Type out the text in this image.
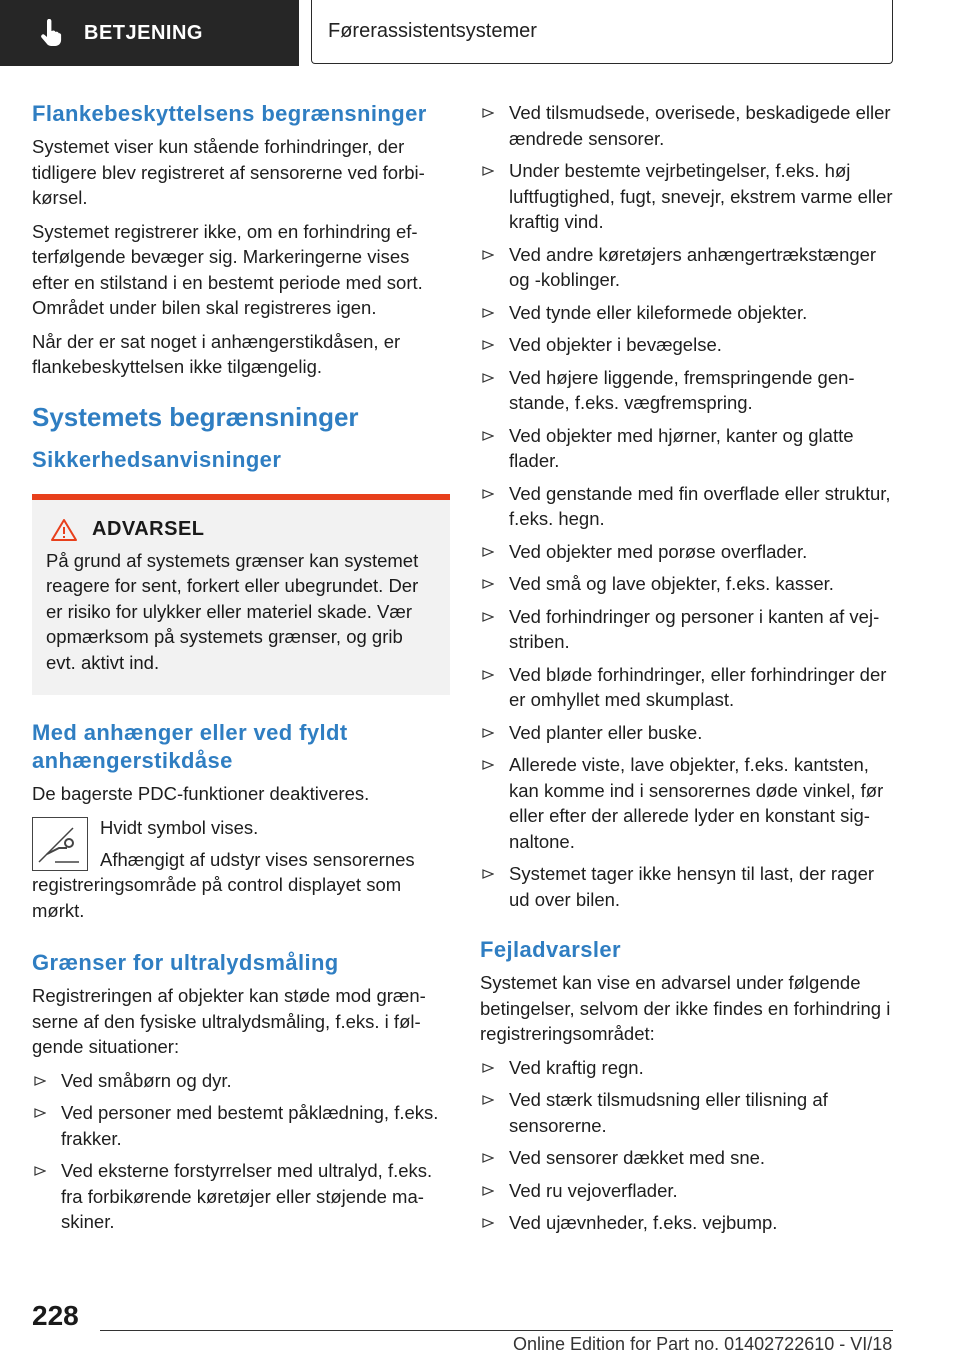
BETJENING	Førerassistentsystemer
Flankebeskyttelsens begrænsninger

Systemet viser kun stående forhindringer, der tidligere blev registreret af sensorerne ved forbikørsel.

Systemet registrerer ikke, om en forhindring efterfølgende bevæger sig. Markeringerne vises efter en stilstand i en bestemt periode med sort. Området under bilen skal registreres igen.

Når der er sat noget i anhængerstikdåsen, er flankebeskyttelsen ikke tilgængelig.

Systemets begrænsninger
Sikkerhedsanvisninger
ADVARSEL

På grund af systemets grænser kan systemet reagere for sent, forkert eller ubegrundet. Der er risiko for ulykker eller materiel skade. Vær opmærksom på systemets grænser, og grib evt. aktivt ind.

Med anhænger eller ved fyldt anhængerstikdåse

De bagerste PDC-funktioner deaktiveres.

Hvidt symbol vises.

Afhængigt af udstyr vises sensorernes registreringsområde på control displayet som mørkt.

Grænser for ultralydsmåling

Registreringen af objekter kan støde mod grænserne af den fysiske ultralydsmåling, f.eks. i følgende situationer:

Ved småbørn og dyr.
Ved personer med bestemt påklædning, f.eks. frakker.
Ved eksterne forstyrrelser med ultralyd, f.eks. fra forbikørende køretøjer eller støjende maskiner.
Ved tilsmudsede, overisede, beskadigede eller ændrede sensorer.
Under bestemte vejrbetingelser, f.eks. høj luftfugtighed, fugt, snevejr, ekstrem varme eller kraftig vind.
Ved andre køretøjers anhængertrækstænger og -koblinger.
Ved tynde eller kileformede objekter.
Ved objekter i bevægelse.
Ved højere liggende, fremspringende genstande, f.eks. vægfremspring.
Ved objekter med hjørner, kanter og glatte flader.
Ved genstande med fin overflade eller struktur, f.eks. hegn.
Ved objekter med porøse overflader.
Ved små og lave objekter, f.eks. kasser.
Ved forhindringer og personer i kanten af vejstriben.
Ved bløde forhindringer, eller forhindringer der er omhyllet med skumplast.
Ved planter eller buske.
Allerede viste, lave objekter, f.eks. kantsten, kan komme ind i sensorernes døde vinkel, før eller efter der allerede lyder en konstant signaltone.
Systemet tager ikke hensyn til last, der rager ud over bilen.
Fejladvarsler

Systemet kan vise en advarsel under følgende betingelser, selvom der ikke findes en forhindring i registreringsområdet:

Ved kraftig regn.
Ved stærk tilsmudsning eller tilisning af sensorerne.
Ved sensorer dækket med sne.
Ved ru vejoverflader.
Ved ujævnheder, f.eks. vejbump.
228
Online Edition for Part no. 01402722610 - VI/18
